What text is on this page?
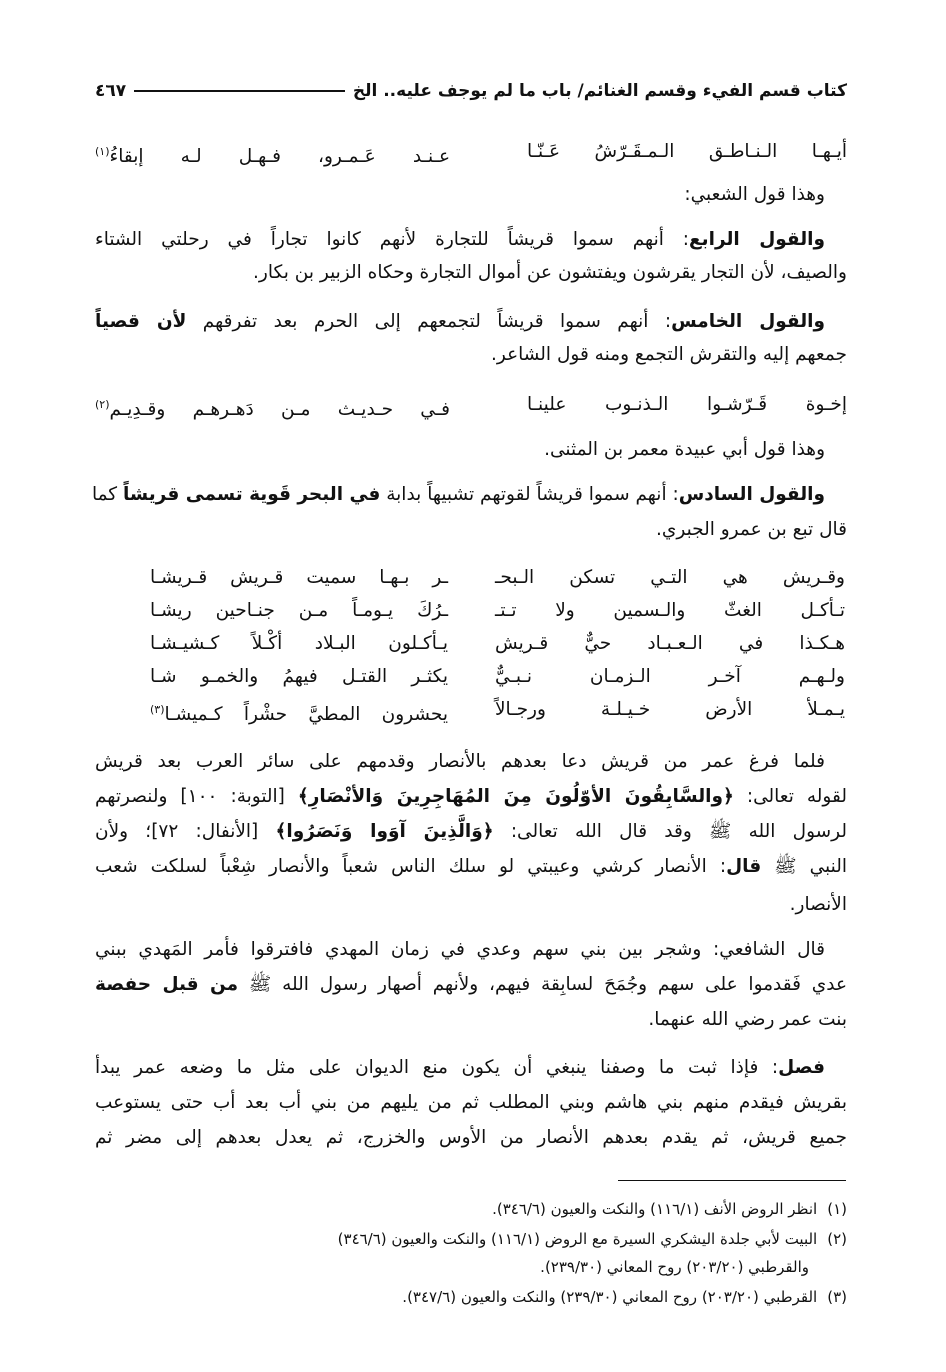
كتاب قسم الفيء وقسم الغنائم/ باب ما لم يوجف عليه.. الخ
٤٦٧
أيـهـا الـنـاطـق الـمـقَـرّشُ عَـنّـا
عـنـد عَـمـرو، فـهـل لـه إبقاءُ$^{(١)}$
وهذا قول الشعبي:
والقول الرابع: أنهم سموا قريشاً للتجارة لأنهم كانوا تجاراً في رحلتي الشتاء
والصيف، لأن التجار يقرشون ويفتشون عن أموال التجارة وحكاه الزبير بن بكار.
والقول الخامس: أنهم سموا قريشاً لتجمعهم إلى الحرم بعد تفرقهم لأن قصياً
جمعهم إليه والتقرش التجمع ومنه قول الشاعر.
إخـوة قَـرّشـوا الـذنـوب علينـا
فـي حـديـث مـن دَهـرهـم وقـدِيـم$^{(٢)}$
وهذا قول أبي عبيدة معمر بن المثنى.
والقول السادس: أنهم سموا قريشاً لقوتهم تشبيهاً بدابة في البحر قَوية تسمى قريشاً كما
قال تبع بن عمرو الجبري.
وقـريش هي التـي تسكن الـبحـ
ـر بـهـا سميت قـريش قـريشـا
تـأكـل الغثّ والـسمين ولا تـتـ
ـرُكَ يـومـاً مـن جنـاحين ريشـا
هـكـذا في الـعـبـاد حيٌّ قـريش
يـأكـلون البـلاد أكْـلاً كـشيـشـا
ولـهـم آخـر الـزمـان نـبـيٌّ
يكثـر القتـل فيهمُ والخمـو شـا
يـمـلأ الأرض خـيـلـة ورجـالاً
يحشرون المطيَّ حشْراً كـميشـا$^{(٣)}$
فلما فرغ عمر من قريش دعا بعدهم بالأنصار وقدمهم على سائر العرب بعد قريش
لقوله تعالى: ﴿والسَّابِقُونَ الأوّلُونَ مِنَ المُهَاجِرِينَ وَالأنْصَارِ﴾ [التوبة: ١٠٠] ولنصرتهم
لرسول الله ﷺ وقد قال الله تعالى: ﴿وَالَّذِينَ آوَوا وَنَصَرُوا﴾ [الأنفال: ٧٢]؛ ولأن
النبي ﷺ قال: الأنصار كرشي وعيبتي لو سلك الناس شعباً والأنصار شِعْباً لسلكت شعب
الأنصار.
قال الشافعي: وشجر بين بني سهم وعدي في زمان المهدي فافترقوا فأمر المَهدي ببني
عدي فَقدموا على سهم وجُمَحَ لسابِقة فيهم، ولأنهم أصهار رسول الله ﷺ من قبل حفصة
بنت عمر رضي الله عنهما.
فصل: فإذا ثبت ما وصفنا ينبغي أن يكون منع الديوان على مثل ما وضعه عمر يبدأ
بقريش فيقدم منهم بني هاشم وبني المطلب ثم من يليهم من بني أب بعد أب حتى يستوعب
جميع قريش، ثم يقدم بعدهم الأنصار من الأوس والخزرج، ثم يعدل بعدهم إلى مضر ثم
(١)انظر الروض الأنف (١١٦/١) والنكت والعيون (٣٤٦/٦).
(٢)البيت لأبي جلدة اليشكري السيرة مع الروض (١١٦/١) والنكت والعيون (٣٤٦/٦)
والقرطبي (٢٠٣/٢٠) روح المعاني (٢٣٩/٣٠).
(٣)القرطبي (٢٠٣/٢٠) روح المعاني (٢٣٩/٣٠) والنكت والعيون (٣٤٧/٦).
